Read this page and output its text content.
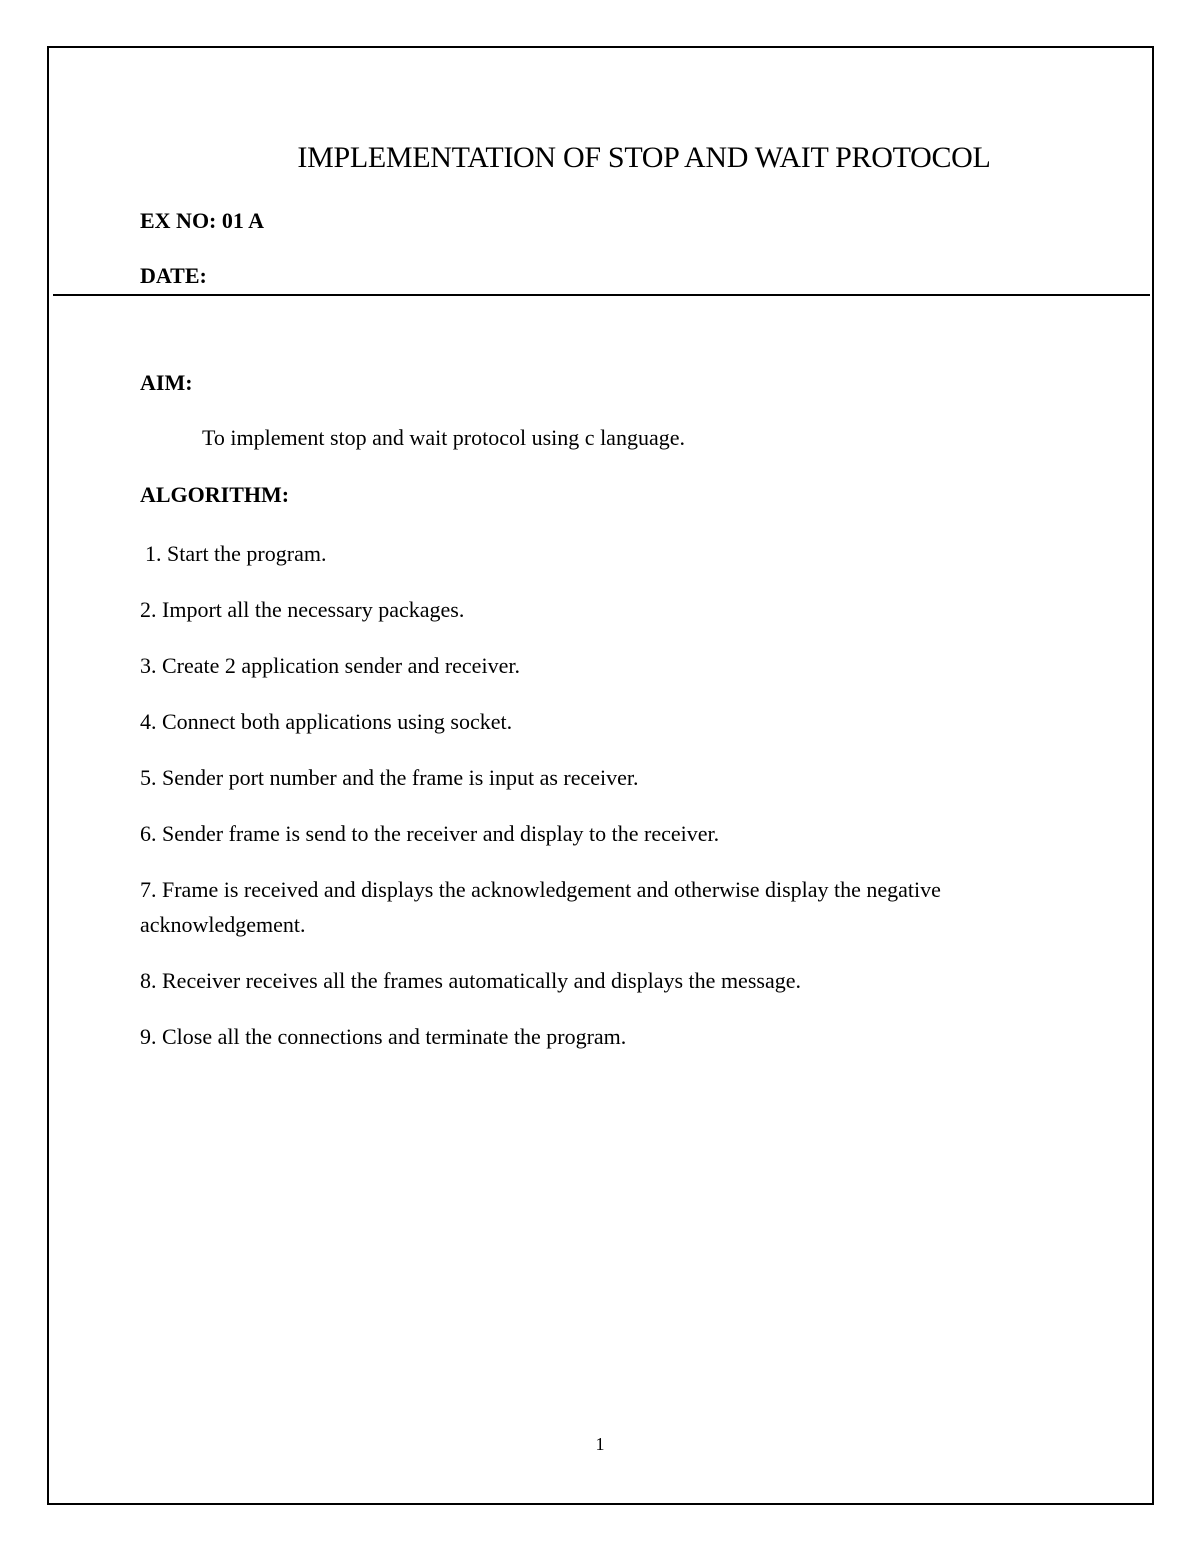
IMPLEMENTATION OF STOP AND WAIT PROTOCOL

EX NO: 01 A

DATE:

AIM:

To implement stop and wait protocol using c language.

ALGORITHM:
1. Start the program.
2. Import all the necessary packages.
3. Create 2 application sender and receiver.
4. Connect both applications using socket.
5. Sender port number and the frame is input as receiver.
6. Sender frame is send to the receiver and display to the receiver.
7. Frame is received and displays the acknowledgement and otherwise display the negative acknowledgement.
8. Receiver receives all the frames automatically and displays the message.
9. Close all the connections and terminate the program.

1
